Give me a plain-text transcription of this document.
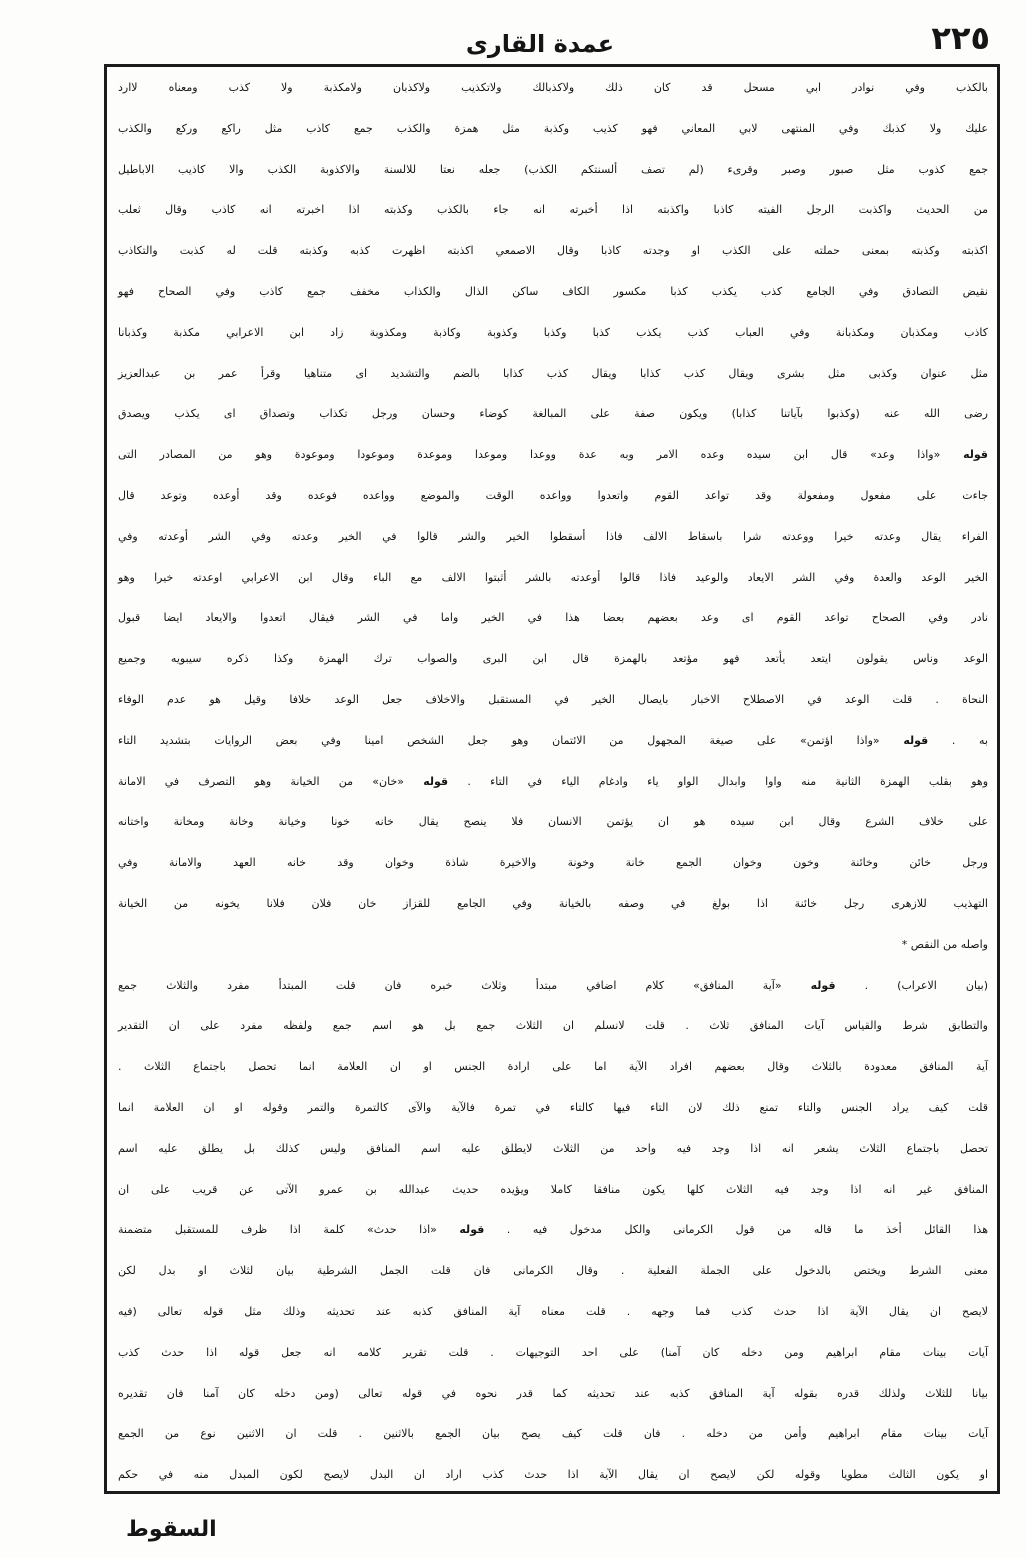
عمدة القارى	٢٢٥
بالكذب وفي نوادر ابي مسحل قد كان ذلك ولاكذبالك ولاتكذيب ولاكذبان ولامكذبة ولا كذب ومعناه لاارد
عليك ولا كذبك وفي المنتهى لابي المعاني فهو كذيب وكذبة مثل همزة والكذب جمع كاذب مثل راكع وركع والكذب
جمع كذوب مثل صبور وصبر وقرىء (لم تصف ألسنتكم الكذب) جعله نعتا للالسنة والاكذوبة الكذب والا كاذيب الاباطيل
من الحديث واكذبت الرجل الفيته كاذبا واكذبته اذا أخبرته انه جاء بالكذب وكذبته اذا اخبرته انه كاذب وقال ثعلب
اكذبته وكذبته بمعنى حملته على الكذب او وجدته كاذبا وقال الاصمعي اكذبته اظهرت كذبه وكذبته قلت له كذبت والتكاذب
نقيض التصادق وفي الجامع كذب يكذب كذبا مكسور الكاف ساكن الذال والكذاب مخفف جمع كاذب وفي الصحاح فهو
كاذب ومكذبان ومكذبانة وفي العباب كذب يكذب كذبا وكذبا وكذوبة وكاذبة ومكذوبة زاد ابن الاعرابي مكذبة وكذبانا
مثل عنوان وكذبى مثل بشرى ويقال كذب كذابا ويقال كذب كذابا بالضم والتشديد اى متناهيا وقرأ عمر بن عبدالعزيز
رضى الله عنه (وكذبوا بآياتنا كذابا) ويكون صفة على المبالغة كوضاء وحسان ورجل تكذاب وتصداق اى يكذب ويصدق
قوله «واذا وعد» قال ابن سيده وعده الامر وبه عدة ووعدا وموعدا وموعدة وموعودا وموعودة وهو من المصادر التى
جاءت على مفعول ومفعولة وقد تواعد القوم واتعدوا وواعده الوقت والموضع وواعده فوعده وقد أوعده وتوعد قال
الفراء يقال وعدته خيرا ووعدته شرا باسقاط الالف فاذا أسقطوا الخير والشر قالوا في الخير وعدته وفي الشر أوعدته وفي
الخير الوعد والعدة وفي الشر الايعاد والوعيد فاذا قالوا أوعدته بالشر أثبتوا الالف مع الباء وقال ابن الاعرابي اوعدته خيرا وهو
نادر وفي الصحاح تواعد القوم اى وعد بعضهم بعضا هذا في الخير واما في الشر فيقال اتعدوا والايعاد ايضا قبول
الوعد وناس يقولون ايتعد يأتعد فهو مؤتعد بالهمزة قال ابن البرى والصواب ترك الهمزة وكذا ذكره سيبويه وجميع
النحاة . قلت الوعد في الاصطلاح الاخبار بايصال الخير في المستقبل والاخلاف جعل الوعد خلافا وقيل هو عدم الوفاء
به . قوله «واذا اؤتمن» على صيغة المجهول من الائتمان وهو جعل الشخص امينا وفي بعض الروايات بتشديد التاء
وهو بقلب الهمزة الثانية منه واوا وابدال الواو ياء وادغام الياء في التاء . قوله «خان» من الخيانة وهو التصرف في الامانة
على خلاف الشرع وقال ابن سيده هو ان يؤتمن الانسان فلا ينصح يقال خانه خونا وخيانة وخانة ومخانة واختانه
ورجل خائن وخائنة وخون وخوان الجمع خانة وخونة والاخيرة شاذة وخوان وقد خانه العهد والامانة وفي
التهذيب للازهرى رجل خائنة اذا بولغ في وصفه بالخيانة وفي الجامع للقزاز خان فلان فلانا يخونه من الخيانة
واصله من النقص *
(بيان الاعراب) . قوله «آية المنافق» كلام اضافي مبتدأ وثلاث خبره فان قلت المبتدأ مفرد والثلاث جمع
والتطابق شرط والقياس آيات المنافق ثلاث . قلت لانسلم ان الثلاث جمع بل هو اسم جمع ولفظه مفرد على ان التقدير
آية المنافق معدودة بالثلاث وقال بعضهم افراد الآية اما على ارادة الجنس او ان العلامة انما تحصل باجتماع الثلاث .
قلت كيف يراد الجنس والتاء تمنع ذلك لان التاء فيها كالتاء في تمرة فالآية والآى كالتمرة والتمر وقوله او ان العلامة انما
تحصل باجتماع الثلاث يشعر انه اذا وجد فيه واحد من الثلاث لايطلق عليه اسم المنافق وليس كذلك بل يطلق عليه اسم
المنافق غير انه اذا وجد فيه الثلاث كلها يكون منافقا كاملا ويؤيده حديث عبدالله بن عمرو الآتى عن قريب على ان
هذا القائل أخذ ما قاله من قول الكرمانى والكل مدخول فيه . قوله «اذا حدث» كلمة اذا ظرف للمستقبل متضمنة
معنى الشرط ويختص بالدخول على الجملة الفعلية . وقال الكرمانى فان قلت الجمل الشرطية بيان لثلاث او بدل لكن
لايصح ان يقال الآية اذا حدث كذب فما وجهه . قلت معناه آية المنافق كذبه عند تحديثه وذلك مثل قوله تعالى (فيه
آيات بينات مقام ابراهيم ومن دخله كان آمنا) على احد التوجيهات . قلت تقرير كلامه انه جعل قوله اذا حدث كذب
بيانا للثلاث ولذلك قدره بقوله آية المنافق كذبه عند تحديثه كما قدر نحوه في قوله تعالى (ومن دخله كان آمنا فان تقديره
آيات بينات مقام ابراهيم وأمن من دخله . فان قلت كيف يصح بيان الجمع بالاثنين . قلت ان الاثنين نوع من الجمع
او يكون الثالث مطويا وقوله لكن لايصح ان يقال الآية اذا حدث كذب اراد ان البدل لايصح لكون المبدل منه في حكم
السقوط
